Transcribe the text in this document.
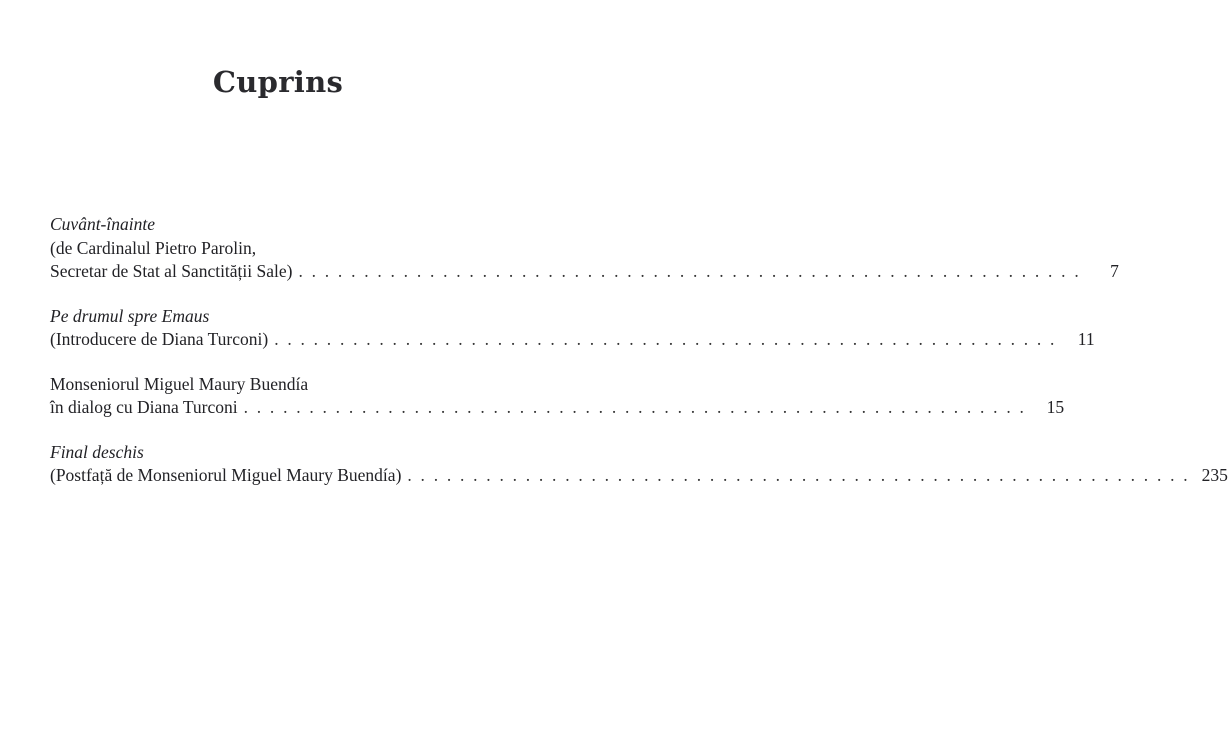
Cuprins
Cuvânt-înainte
(de Cardinalul Pietro Parolin,
Secretar de Stat al Sanctității Sale) . . . . . . . . . . . . . . . . . . . . . . . . . . . . . . . . . . . . . . . . . . . . . . . . . . . . . . . . . . . .	7
Pe drumul spre Emaus
(Introducere de Diana Turconi) . . . . . . . . . . . . . . . . . . . . . . . . . . . . . . . . . . . . . . . . . . . . . . . . . . . . . . . . . . . .	11
Monseniorul Miguel Maury Buendía
în dialog cu Diana Turconi . . . . . . . . . . . . . . . . . . . . . . . . . . . . . . . . . . . . . . . . . . . . . . . . . . . . . . . . . . . .	15
Final deschis
(Postfață de Monseniorul Miguel Maury Buendía) . . . . . . . . . . . . . . . . . . . . . . . . . . . . . . . . . . . . . . . . . . . . . . . . . . . . . . . . . . . . 235
